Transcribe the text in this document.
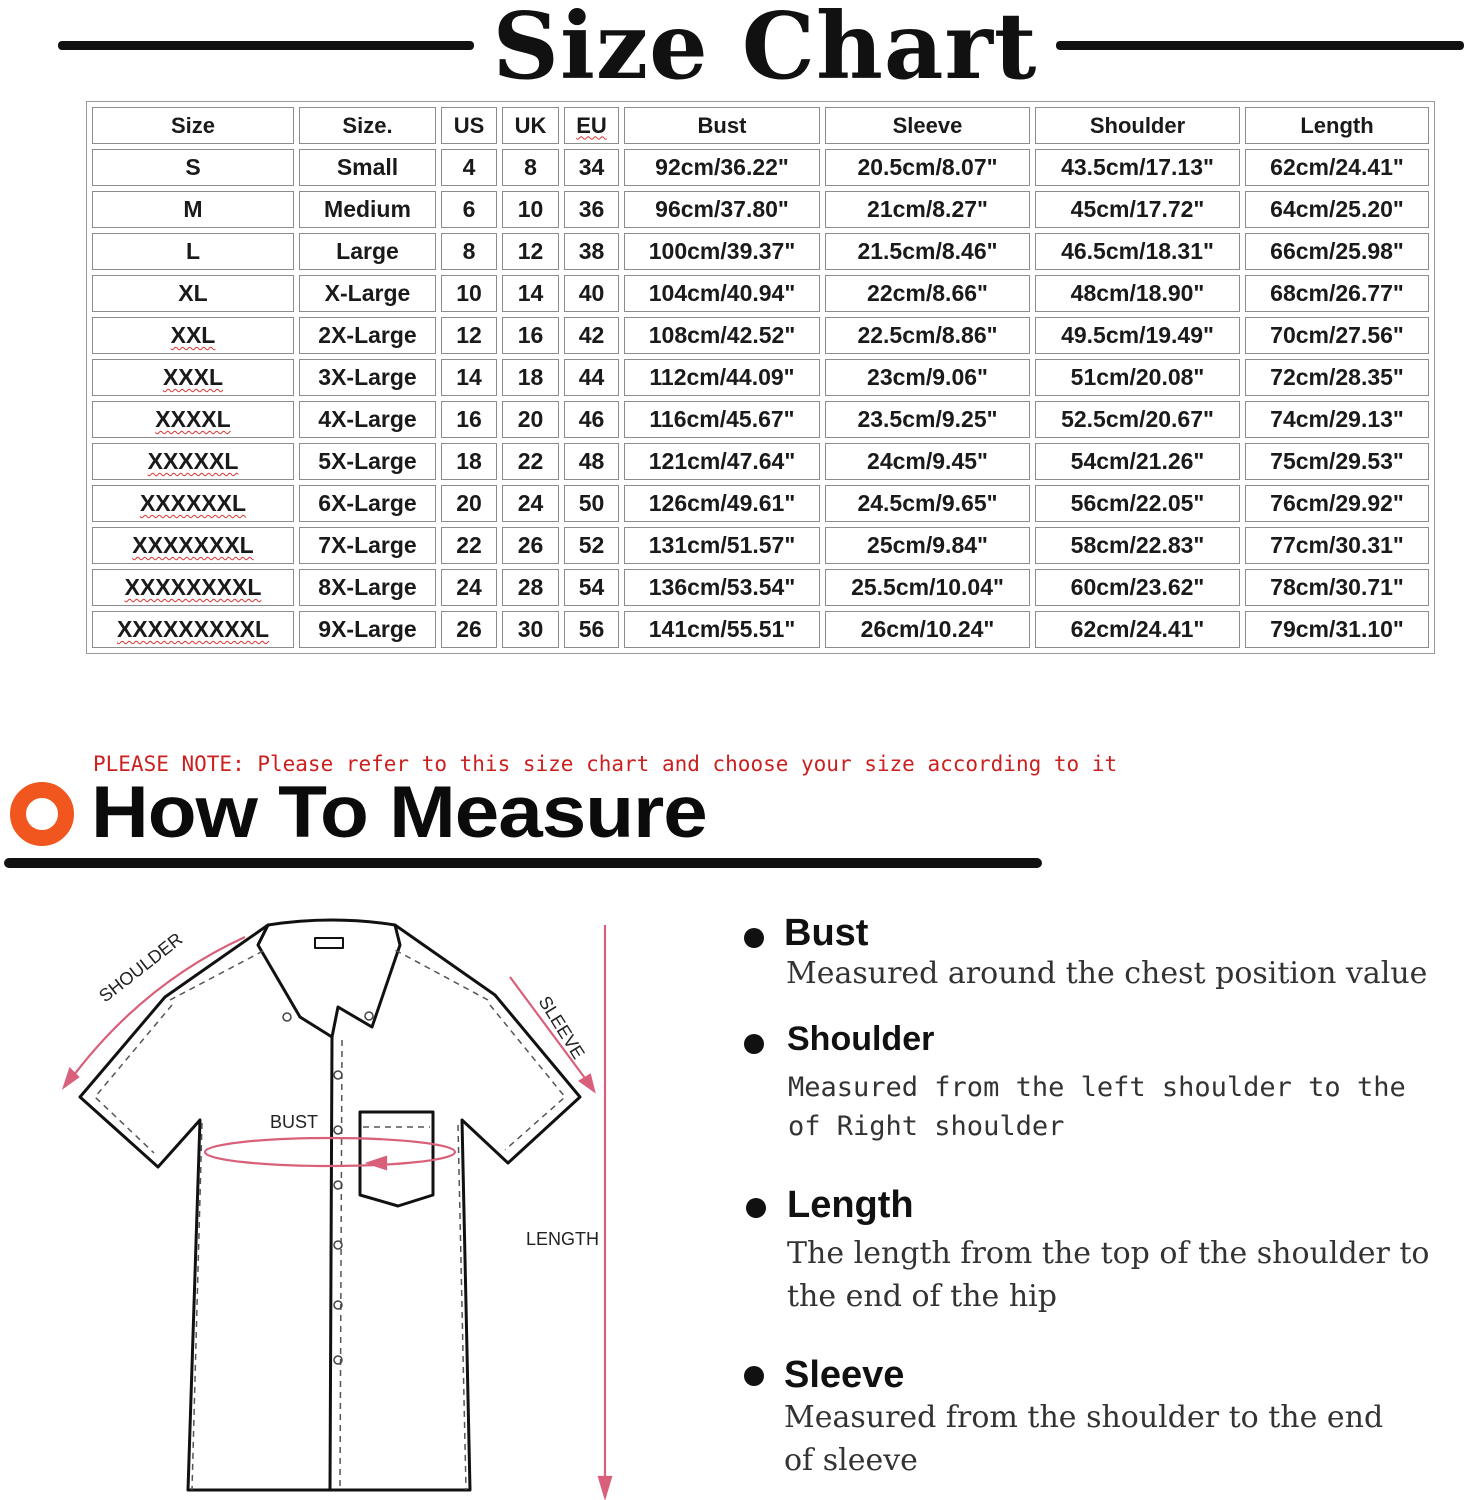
Size Chart
Size	Size.	US	UK	EU	Bust	Sleeve	Shoulder	Length
S	Small	4	8	34	92cm/36.22"	20.5cm/8.07"	43.5cm/17.13"	62cm/24.41"
M	Medium	6	10	36	96cm/37.80"	21cm/8.27"	45cm/17.72"	64cm/25.20"
L	Large	8	12	38	100cm/39.37"	21.5cm/8.46"	46.5cm/18.31"	66cm/25.98"
XL	X-Large	10	14	40	104cm/40.94"	22cm/8.66"	48cm/18.90"	68cm/26.77"
XXL	2X-Large	12	16	42	108cm/42.52"	22.5cm/8.86"	49.5cm/19.49"	70cm/27.56"
XXXL	3X-Large	14	18	44	112cm/44.09"	23cm/9.06"	51cm/20.08"	72cm/28.35"
XXXXL	4X-Large	16	20	46	116cm/45.67"	23.5cm/9.25"	52.5cm/20.67"	74cm/29.13"
XXXXXL	5X-Large	18	22	48	121cm/47.64"	24cm/9.45"	54cm/21.26"	75cm/29.53"
XXXXXXL	6X-Large	20	24	50	126cm/49.61"	24.5cm/9.65"	56cm/22.05"	76cm/29.92"
XXXXXXXL	7X-Large	22	26	52	131cm/51.57"	25cm/9.84"	58cm/22.83"	77cm/30.31"
XXXXXXXXL	8X-Large	24	28	54	136cm/53.54"	25.5cm/10.04"	60cm/23.62"	78cm/30.71"
XXXXXXXXXL	9X-Large	26	30	56	141cm/55.51"	26cm/10.24"	62cm/24.41"	79cm/31.10"
PLEASE NOTE: Please refer to this size chart and choose your size according to it
How To Measure
SHOULDER
SLEEVE
BUST
LENGTH
Bust
Measured around the chest position value
Shoulder
Measured from the left shoulder to the
of Right shoulder
Length
The length from the top of the shoulder to
the end of the hip
Sleeve
Measured from the shoulder to the end
of sleeve
